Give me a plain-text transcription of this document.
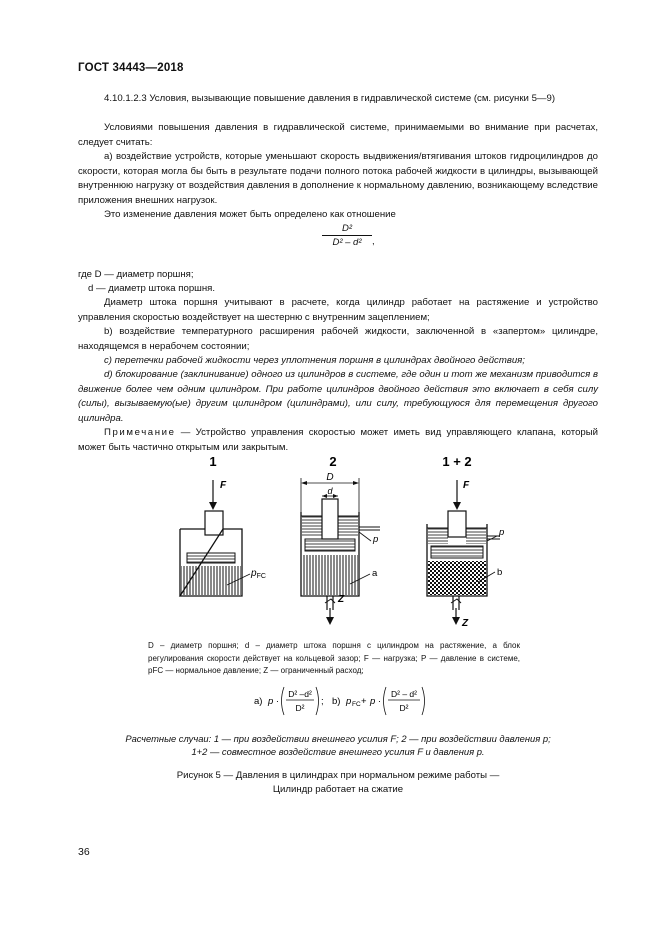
ГОСТ 34443—2018
4.10.1.2.3 Условия, вызывающие повышение давления в гидравлической системе (см. рисунки 5—9)
Условиями повышения давления в гидравлической системе, принимаемыми во внимание при расчетах, следует считать:
а) воздействие устройств, которые уменьшают скорость выдвижения/втягивания штоков гидроцилиндров до скорости, которая могла бы быть в результате подачи полного потока рабочей жидкости в цилиндры, вызывающей внутреннюю нагрузку от воздействия давления в дополнение к нормальному давлению, возникающему вследствие приложения внешних нагрузок.
Это изменение давления может быть определено как отношение
$\frac{\text{D²}}{\text{D² – d²}}$ ,
где D — диаметр поршня;
d — диаметр штока поршня.
Диаметр штока поршня учитывают в расчете, когда цилиндр работает на растяжение и устройство управления скоростью воздействует на шестерню с внутренним зацеплением;
b) воздействие температурного расширения рабочей жидкости, заключенной в «запертом» цилиндре, находящемся в нерабочем состоянии;
c) перетечки рабочей жидкости через уплотнения поршня в цилиндрах двойного действия;
d) блокирование (заклинивание) одного из цилиндров в системе, где один и тот же механизм приводится в движение более чем одним цилиндром. При работе цилиндров двойного действия это включает в себя силу (силы), вызываемую(ые) другим цилиндром (цилиндрами), или силу, требующуюся для перемещения другого цилиндра.
Примечание — Устройство управления скоростью может иметь вид управляющего клапана, который может быть частично открытым или закрытым.
1	2	1 + 2
F
$p_{FC}$
D
d
p
a
Z
F
p
b
Z
D – диаметр поршня; d – диаметр штока поршня с цилиндром на растяжение, а блок регулирования скорости действует на кольцевой зазор; F — нагрузка; P — давление в системе, pFC — нормальное давление; Z — ограниченный расход;
a) p ·
D² –d²
D²
; b) p FC + p ·
D² – d²
D²
Расчетные случаи: 1 — при воздействии внешнего усилия F; 2 — при воздействии давления p;
1+2 — совместное воздействие внешнего усилия F и давления p.
Рисунок 5 — Давления в цилиндрах при нормальном режиме работы —
Цилиндр работает на сжатие
36
